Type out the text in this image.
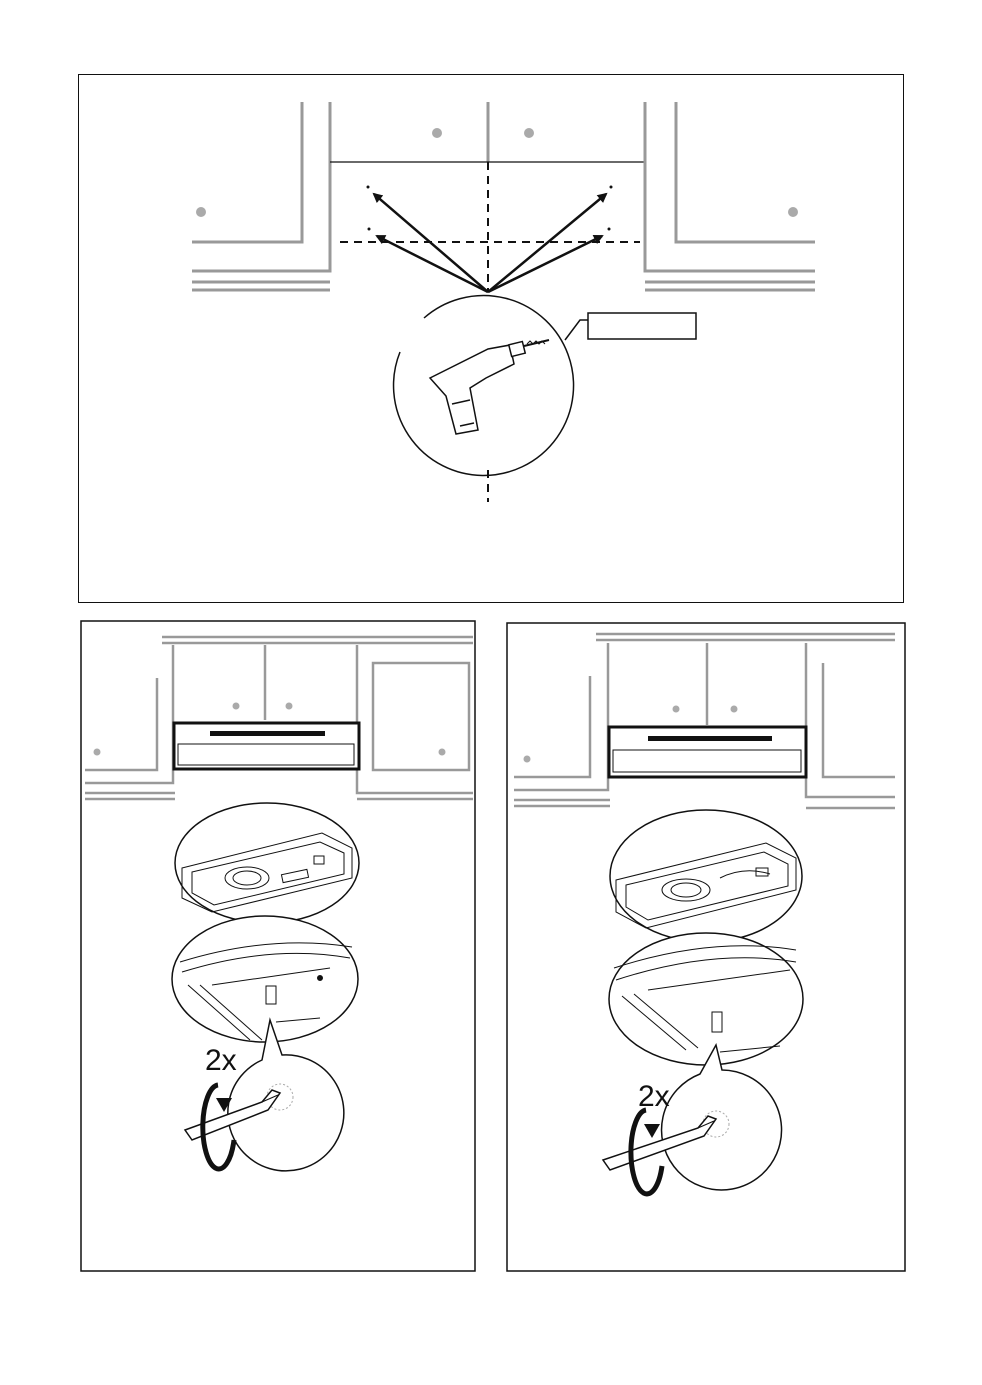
2x
2x
